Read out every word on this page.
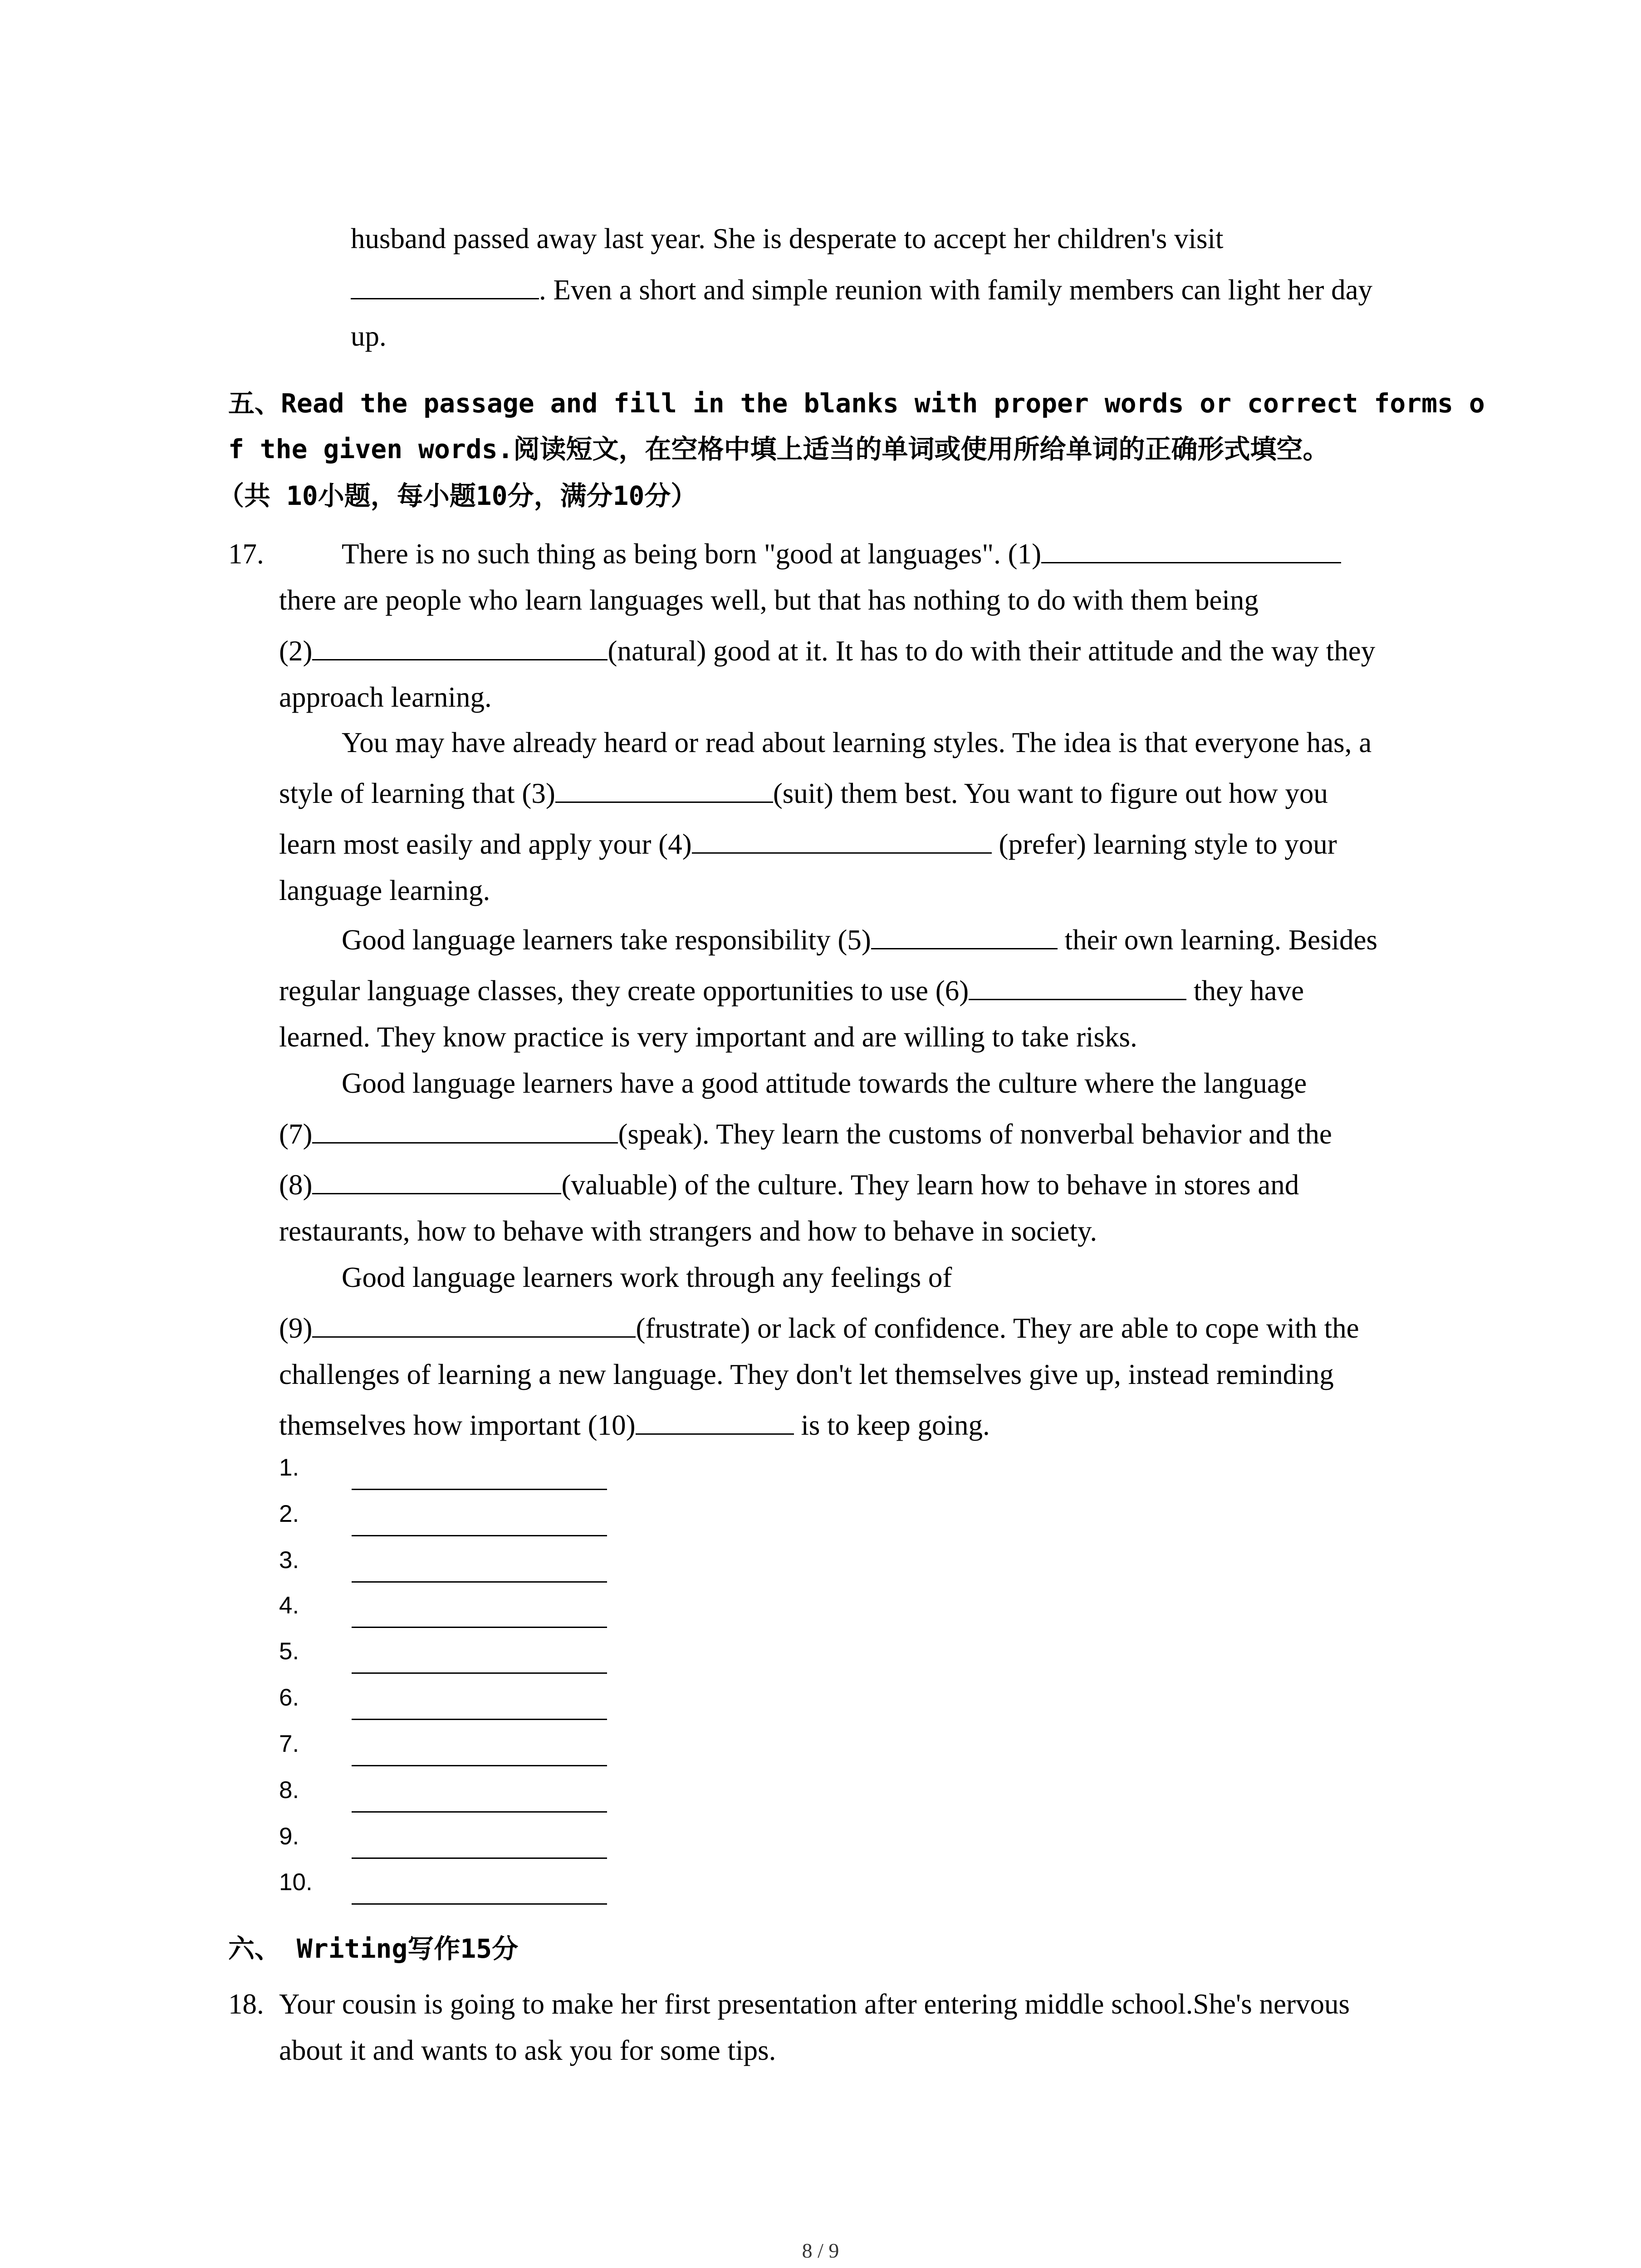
husband passed away last year. She is desperate to accept her children's visit
. Even a short and simple reunion with family members can light her day
up.
五、Read the passage and fill in the blanks with proper words or correct forms o
f the given words.阅读短文，在空格中填上适当的单词或使用所给单词的正确形式填空。
（共 10小题，每小题10分，满分10分）
17.	There is no such thing as being born "good at languages". (1)
there are people who learn languages well, but that has nothing to do with them being
(2)	(natural) good at it. It has to do with their attitude and the way they
approach learning.
You may have already heard or read about learning styles. The idea is that everyone has, a
style of learning that (3)	(suit) them best. You want to figure out how you
learn most easily and apply your (4)	(prefer) learning style to your
language learning.
Good language learners take responsibility (5)	their own learning. Besides
regular language classes, they create opportunities to use (6)	they have
learned. They know practice is very important and are willing to take risks.
Good language learners have a good attitude towards the culture where the language
(7)	(speak). They learn the customs of nonverbal behavior and the
(8)	(valuable) of the culture. They learn how to behave in stores and
restaurants, how to behave with strangers and how to behave in society.
Good language learners work through any feelings of
(9)	(frustrate) or lack of confidence. They are able to cope with the
challenges of learning a new language. They don't let themselves give up, instead reminding
themselves how important (10)	is to keep going.
1.
2.
3.
4.
5.
6.
7.
8.
9.
10.
六、 Writing写作15分
18. Your cousin is going to make her first presentation after entering middle school.She's nervous
about it and wants to ask you for some tips.
8 / 9
